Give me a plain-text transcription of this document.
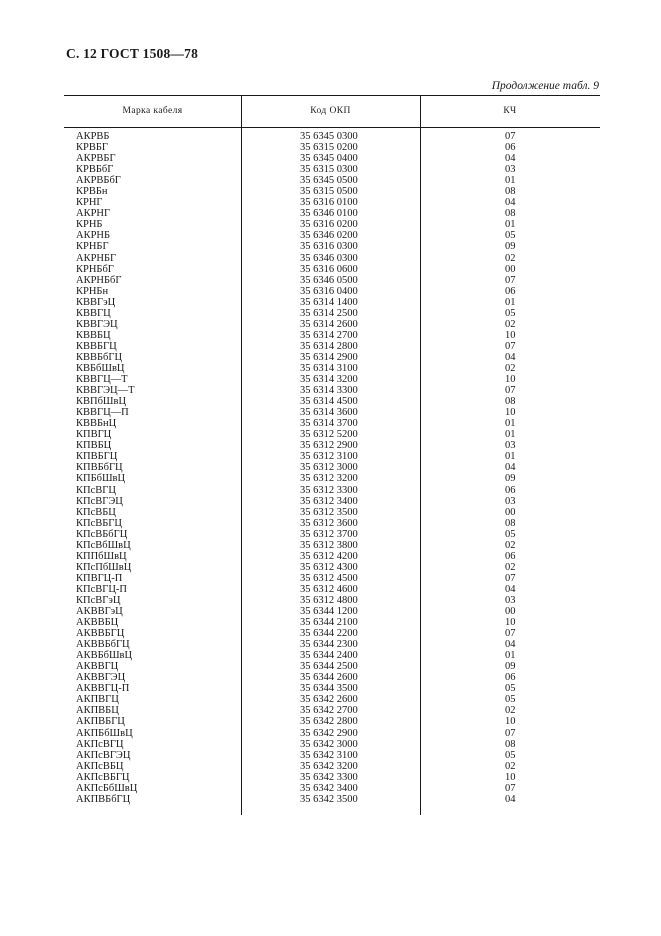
С. 12 ГОСТ 1508—78
Продолжение табл. 9
Марка кабеля	Код ОКП	КЧ
АКРВБ	35 6345 0300	07
КРВБГ	35 6315 0200	06
АКРВБГ	35 6345 0400	04
КРВБбГ	35 6315 0300	03
АКРВБбГ	35 6345 0500	01
КРВБн	35 6315 0500	08
КРНГ	35 6316 0100	04
АКРНГ	35 6346 0100	08
КРНБ	35 6316 0200	01
АКРНБ	35 6346 0200	05
КРНБГ	35 6316 0300	09
АКРНБГ	35 6346 0300	02
КРНБбГ	35 6316 0600	00
АКРНБбГ	35 6346 0500	07
КРНБн	35 6316 0400	06
КВВГэЦ	35 6314 1400	01
КВВГЦ	35 6314 2500	05
КВВГЭЦ	35 6314 2600	02
КВВБЦ	35 6314 2700	10
КВВБГЦ	35 6314 2800	07
КВВБбГЦ	35 6314 2900	04
КВБбШвЦ	35 6314 3100	02
КВВГЦ—Т	35 6314 3200	10
КВВГЭЦ—Т	35 6314 3300	07
КВПбШвЦ	35 6314 4500	08
КВВГЦ—П	35 6314 3600	10
КВВБнЦ	35 6314 3700	01
КПВГЦ	35 6312 5200	01
КПВБЦ	35 6312 2900	03
КПВБГЦ	35 6312 3100	01
КПВБбГЦ	35 6312 3000	04
КПБбШвЦ	35 6312 3200	09
КПсВГЦ	35 6312 3300	06
КПсВГЭЦ	35 6312 3400	03
КПсВБЦ	35 6312 3500	00
КПсВБГЦ	35 6312 3600	08
КПсВБбГЦ	35 6312 3700	05
КПсВбШвЦ	35 6312 3800	02
КППбШвЦ	35 6312 4200	06
КПсПбШвЦ	35 6312 4300	02
КПВГЦ-П	35 6312 4500	07
КПсВГЦ-П	35 6312 4600	04
КПсВГэЦ	35 6312 4800	03
АКВВГэЦ	35 6344 1200	00
АКВВБЦ	35 6344 2100	10
АКВВБГЦ	35 6344 2200	07
АКВВБбГЦ	35 6344 2300	04
АКВБбШвЦ	35 6344 2400	01
АКВВГЦ	35 6344 2500	09
АКВВГЭЦ	35 6344 2600	06
АКВВГЦ-П	35 6344 3500	05
АКПВГЦ	35 6342 2600	05
АКПВБЦ	35 6342 2700	02
АКПВБГЦ	35 6342 2800	10
АКПБбШвЦ	35 6342 2900	07
АКПсВГЦ	35 6342 3000	08
АКПсВГЭЦ	35 6342 3100	05
АКПсВБЦ	35 6342 3200	02
АКПсВБГЦ	35 6342 3300	10
АКПсБбШвЦ	35 6342 3400	07
АКПВБбГЦ	35 6342 3500	04
